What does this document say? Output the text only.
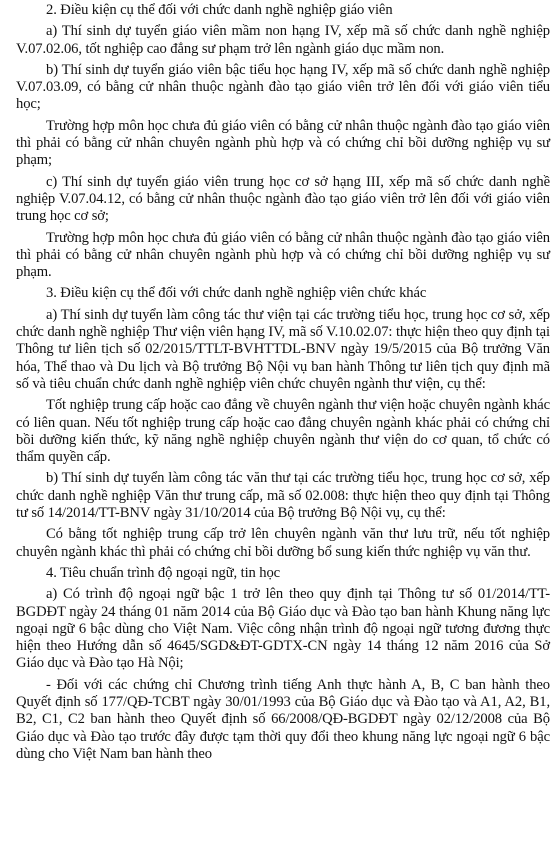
2. Điều kiện cụ thể đối với chức danh nghề nghiệp giáo viên

a) Thí sinh dự tuyển giáo viên mầm non hạng IV, xếp mã số chức danh nghề nghiệp V.07.02.06, tốt nghiệp cao đẳng sư phạm trở lên ngành giáo dục mầm non.

b) Thí sinh dự tuyển giáo viên bậc tiểu học hạng IV, xếp mã số chức danh nghề nghiệp V.07.03.09, có bằng cử nhân thuộc ngành đào tạo giáo viên trở lên đối với giáo viên tiểu học;

Trường hợp môn học chưa đủ giáo viên có bằng cử nhân thuộc ngành đào tạo giáo viên thì phải có bằng cử nhân chuyên ngành phù hợp và có chứng chỉ bồi dưỡng nghiệp vụ sư phạm;

c) Thí sinh dự tuyển giáo viên trung học cơ sở hạng III, xếp mã số chức danh nghề nghiệp V.07.04.12, có bằng cử nhân thuộc ngành đào tạo giáo viên trở lên đối với giáo viên trung học cơ sở;

Trường hợp môn học chưa đủ giáo viên có bằng cử nhân thuộc ngành đào tạo giáo viên thì phải có bằng cử nhân chuyên ngành phù hợp và có chứng chỉ bồi dưỡng nghiệp vụ sư phạm.

3. Điều kiện cụ thể đối với chức danh nghề nghiệp viên chức khác

a) Thí sinh dự tuyển làm công tác thư viện tại các trường tiểu học, trung học cơ sở, xếp chức danh nghề nghiệp Thư viện viên hạng IV, mã số V.10.02.07: thực hiện theo quy định tại Thông tư liên tịch số 02/2015/TTLT-BVHTTDL-BNV ngày 19/5/2015 của Bộ trưởng Văn hóa, Thể thao và Du lịch và Bộ trưởng Bộ Nội vụ ban hành Thông tư liên tịch quy định mã số và tiêu chuẩn chức danh nghề nghiệp viên chức chuyên ngành thư viện, cụ thể:

Tốt nghiệp trung cấp hoặc cao đẳng về chuyên ngành thư viện hoặc chuyên ngành khác có liên quan. Nếu tốt nghiệp trung cấp hoặc cao đẳng chuyên ngành khác phải có chứng chỉ bồi dưỡng kiến thức, kỹ năng nghề nghiệp chuyên ngành thư viện do cơ quan, tổ chức có thẩm quyền cấp.

b) Thí sinh dự tuyển làm công tác văn thư tại các trường tiểu học, trung học cơ sở, xếp chức danh nghề nghiệp Văn thư trung cấp, mã số 02.008: thực hiện theo quy định tại Thông tư số 14/2014/TT-BNV ngày 31/10/2014 của Bộ trưởng Bộ Nội vụ, cụ thể:

Có bằng tốt nghiệp trung cấp trở lên chuyên ngành văn thư lưu trữ, nếu tốt nghiệp chuyên ngành khác thì phải có chứng chỉ bồi dưỡng bổ sung kiến thức nghiệp vụ văn thư.

4. Tiêu chuẩn trình độ ngoại ngữ, tin học

a) Có trình độ ngoại ngữ bậc 1 trở lên theo quy định tại Thông tư số 01/2014/TT-BGDĐT ngày 24 tháng 01 năm 2014 của Bộ Giáo dục và Đào tạo ban hành Khung năng lực ngoại ngữ 6 bậc dùng cho Việt Nam. Việc công nhận trình độ ngoại ngữ tương đương thực hiện theo Hướng dẫn số 4645/SGD&ĐT-GDTX-CN ngày 14 tháng 12 năm 2016 của Sở Giáo dục và Đào tạo Hà Nội;

- Đối với các chứng chỉ Chương trình tiếng Anh thực hành A, B, C ban hành theo Quyết định số 177/QĐ-TCBT ngày 30/01/1993 của Bộ Giáo dục và Đào tạo và A1, A2, B1, B2, C1, C2 ban hành theo Quyết định số 66/2008/QĐ-BGDĐT ngày 02/12/2008 của Bộ Giáo dục và Đào tạo trước đây được tạm thời quy đổi theo khung năng lực ngoại ngữ 6 bậc dùng cho Việt Nam ban hành theo
